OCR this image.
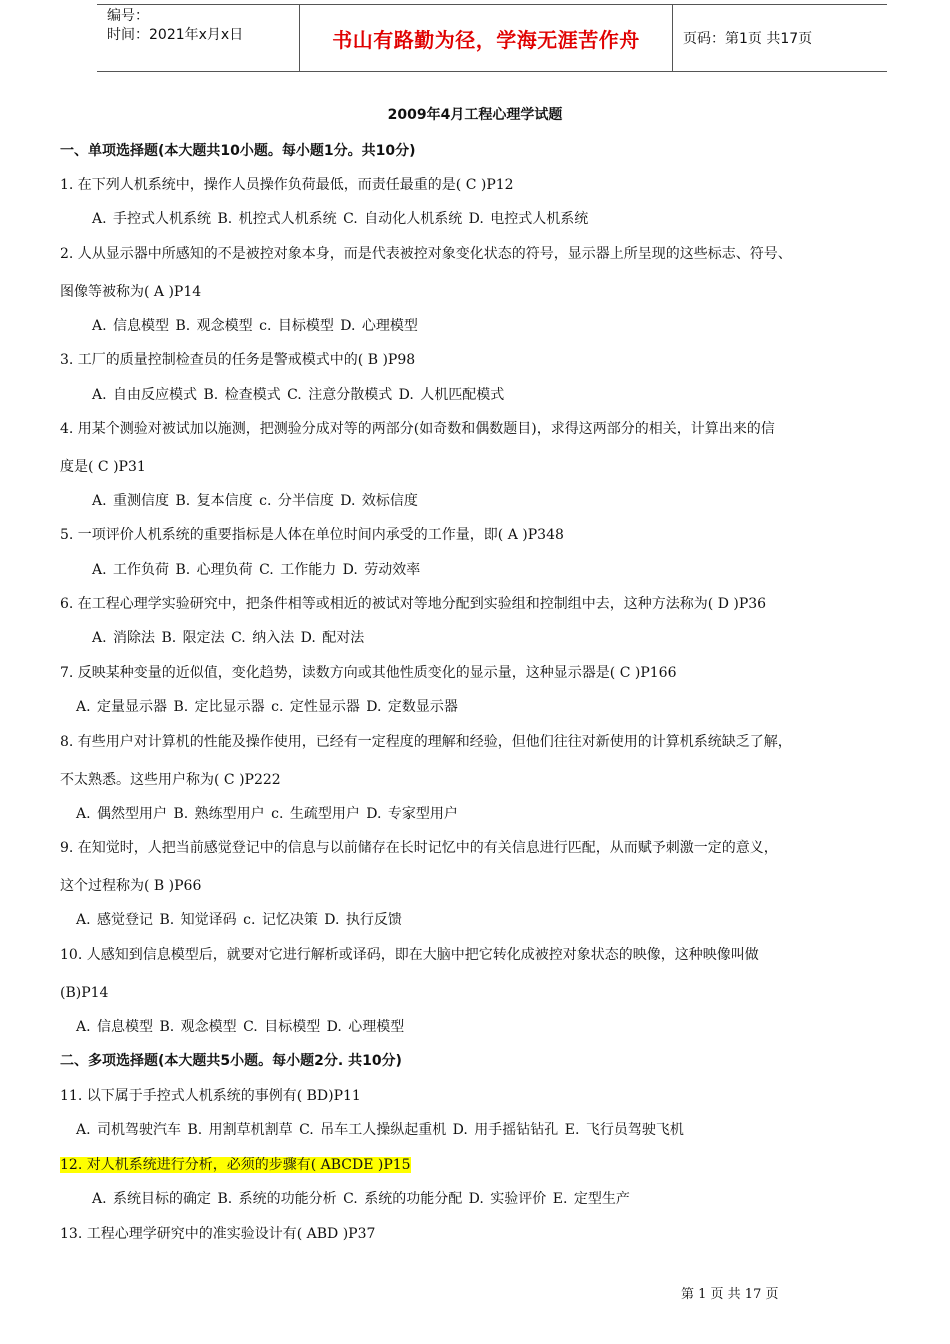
编号：
时间：2021年x月x日	书山有路勤为径，学海无涯苦作舟	页码：第1页 共17页
2009年4月工程心理学试题
一、单项选择题(本大题共10小题。每小题1分。共10分)
1. 在下列人机系统中，操作人员操作负荷最低，而责任最重的是( C )P12
A. 手控式人机系统 B. 机控式人机系统 C. 自动化人机系统 D. 电控式人机系统
2. 人从显示器中所感知的不是被控对象本身，而是代表被控对象变化状态的符号，显示器上所呈现的这些标志、符号、
图像等被称为( A )P14
A. 信息模型 B. 观念模型 c. 目标模型 D. 心理模型
3. 工厂的质量控制检查员的任务是警戒模式中的( B )P98
A. 自由反应模式 B. 检查模式 C. 注意分散模式 D. 人机匹配模式
4. 用某个测验对被试加以施测，把测验分成对等的两部分(如奇数和偶数题目)，求得这两部分的相关，计算出来的信
度是( C )P31
A. 重测信度 B. 复本信度 c. 分半信度 D. 效标信度
5. 一项评价人机系统的重要指标是人体在单位时间内承受的工作量，即( A )P348
A. 工作负荷 B. 心理负荷 C. 工作能力 D. 劳动效率
6. 在工程心理学实验研究中，把条件相等或相近的被试对等地分配到实验组和控制组中去，这种方法称为( D )P36
A. 消除法 B. 限定法 C. 纳入法 D. 配对法
7. 反映某种变量的近似值，变化趋势，读数方向或其他性质变化的显示量，这种显示器是( C )P166
A. 定量显示器 B. 定比显示器 c. 定性显示器 D. 定数显示器
8. 有些用户对计算机的性能及操作使用，已经有一定程度的理解和经验，但他们往往对新使用的计算机系统缺乏了解，
不太熟悉。这些用户称为( C )P222
A. 偶然型用户 B. 熟练型用户 c. 生疏型用户 D. 专家型用户
9. 在知觉时，人把当前感觉登记中的信息与以前储存在长时记忆中的有关信息进行匹配，从而赋予刺激一定的意义，
这个过程称为( B )P66
A. 感觉登记 B. 知觉译码 c. 记忆决策 D. 执行反馈
10. 人感知到信息模型后，就要对它进行解析或译码，即在大脑中把它转化成被控对象状态的映像，这种映像叫做
(B)P14
A. 信息模型 B. 观念模型 C. 目标模型 D. 心理模型
二、多项选择题(本大题共5小题。每小题2分. 共10分)
11. 以下属于手控式人机系统的事例有( BD)P11
A. 司机驾驶汽车 B. 用割草机割草 C. 吊车工人操纵起重机 D. 用手摇钻钻孔 E. 飞行员驾驶飞机
12. 对人机系统进行分析，必须的步骤有( ABCDE )P15
A. 系统目标的确定 B. 系统的功能分析 C. 系统的功能分配 D. 实验评价 E. 定型生产
13. 工程心理学研究中的准实验设计有( ABD )P37
第 1 页 共 17 页
